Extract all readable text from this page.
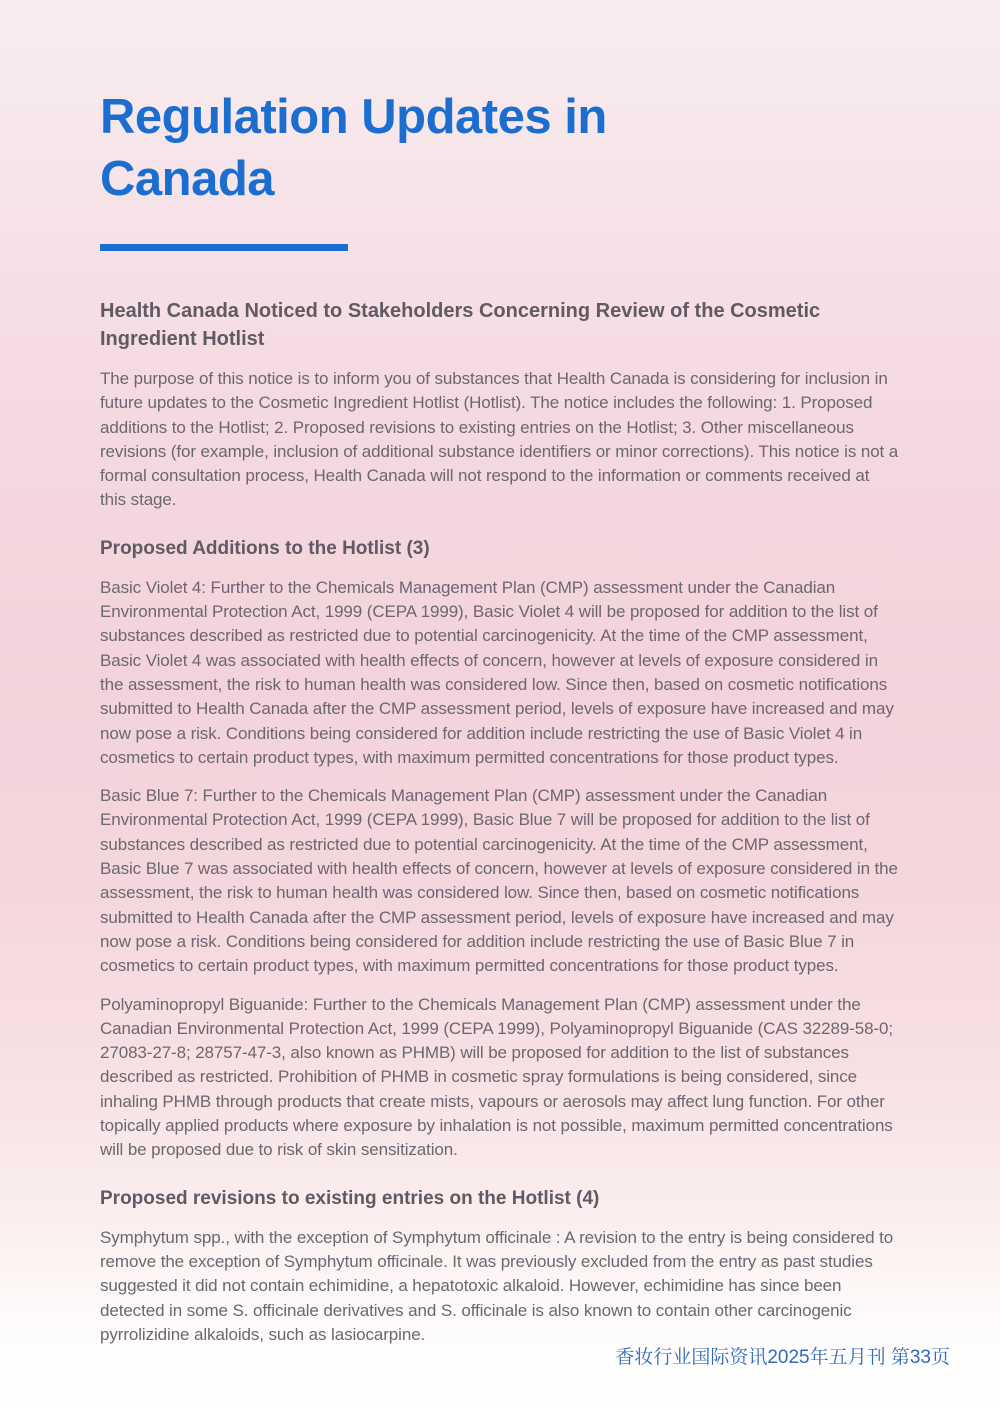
Regulation Updates in Canada
Health Canada Noticed to Stakeholders Concerning Review of the Cosmetic Ingredient Hotlist

The purpose of this notice is to inform you of substances that Health Canada is considering for inclusion in future updates to the Cosmetic Ingredient Hotlist (Hotlist). The notice includes the following: 1. Proposed additions to the Hotlist; 2. Proposed revisions to existing entries on the Hotlist; 3. Other miscellaneous revisions (for example, inclusion of additional substance identifiers or minor corrections). This notice is not a formal consultation process, Health Canada will not respond to the information or comments received at this stage.

Proposed Additions to the Hotlist (3)

Basic Violet 4: Further to the Chemicals Management Plan (CMP) assessment under the Canadian Environmental Protection Act, 1999 (CEPA 1999), Basic Violet 4 will be proposed for addition to the list of substances described as restricted due to potential carcinogenicity. At the time of the CMP assessment, Basic Violet 4 was associated with health effects of concern, however at levels of exposure considered in the assessment, the risk to human health was considered low. Since then, based on cosmetic notifications submitted to Health Canada after the CMP assessment period, levels of exposure have increased and may now pose a risk. Conditions being considered for addition include restricting the use of Basic Violet 4 in cosmetics to certain product types, with maximum permitted concentrations for those product types.

Basic Blue 7: Further to the Chemicals Management Plan (CMP) assessment under the Canadian Environmental Protection Act, 1999 (CEPA 1999), Basic Blue 7 will be proposed for addition to the list of substances described as restricted due to potential carcinogenicity. At the time of the CMP assessment, Basic Blue 7 was associated with health effects of concern, however at levels of exposure considered in the assessment, the risk to human health was considered low. Since then, based on cosmetic notifications submitted to Health Canada after the CMP assessment period, levels of exposure have increased and may now pose a risk. Conditions being considered for addition include restricting the use of Basic Blue 7 in cosmetics to certain product types, with maximum permitted concentrations for those product types.

Polyaminopropyl Biguanide: Further to the Chemicals Management Plan (CMP) assessment under the Canadian Environmental Protection Act, 1999 (CEPA 1999), Polyaminopropyl Biguanide (CAS 32289-58-0; 27083-27-8; 28757-47-3, also known as PHMB) will be proposed for addition to the list of substances described as restricted. Prohibition of PHMB in cosmetic spray formulations is being considered, since inhaling PHMB through products that create mists, vapours or aerosols may affect lung function. For other topically applied products where exposure by inhalation is not possible, maximum permitted concentrations will be proposed due to risk of skin sensitization.

Proposed revisions to existing entries on the Hotlist (4)

Symphytum spp., with the exception of Symphytum officinale : A revision to the entry is being considered to remove the exception of Symphytum officinale. It was previously excluded from the entry as past studies suggested it did not contain echimidine, a hepatotoxic alkaloid. However, echimidine has since been detected in some S. officinale derivatives and S. officinale is also known to contain other carcinogenic pyrrolizidine alkaloids, such as lasiocarpine.

香妆行业国际资讯2025年五月刊 第33页
